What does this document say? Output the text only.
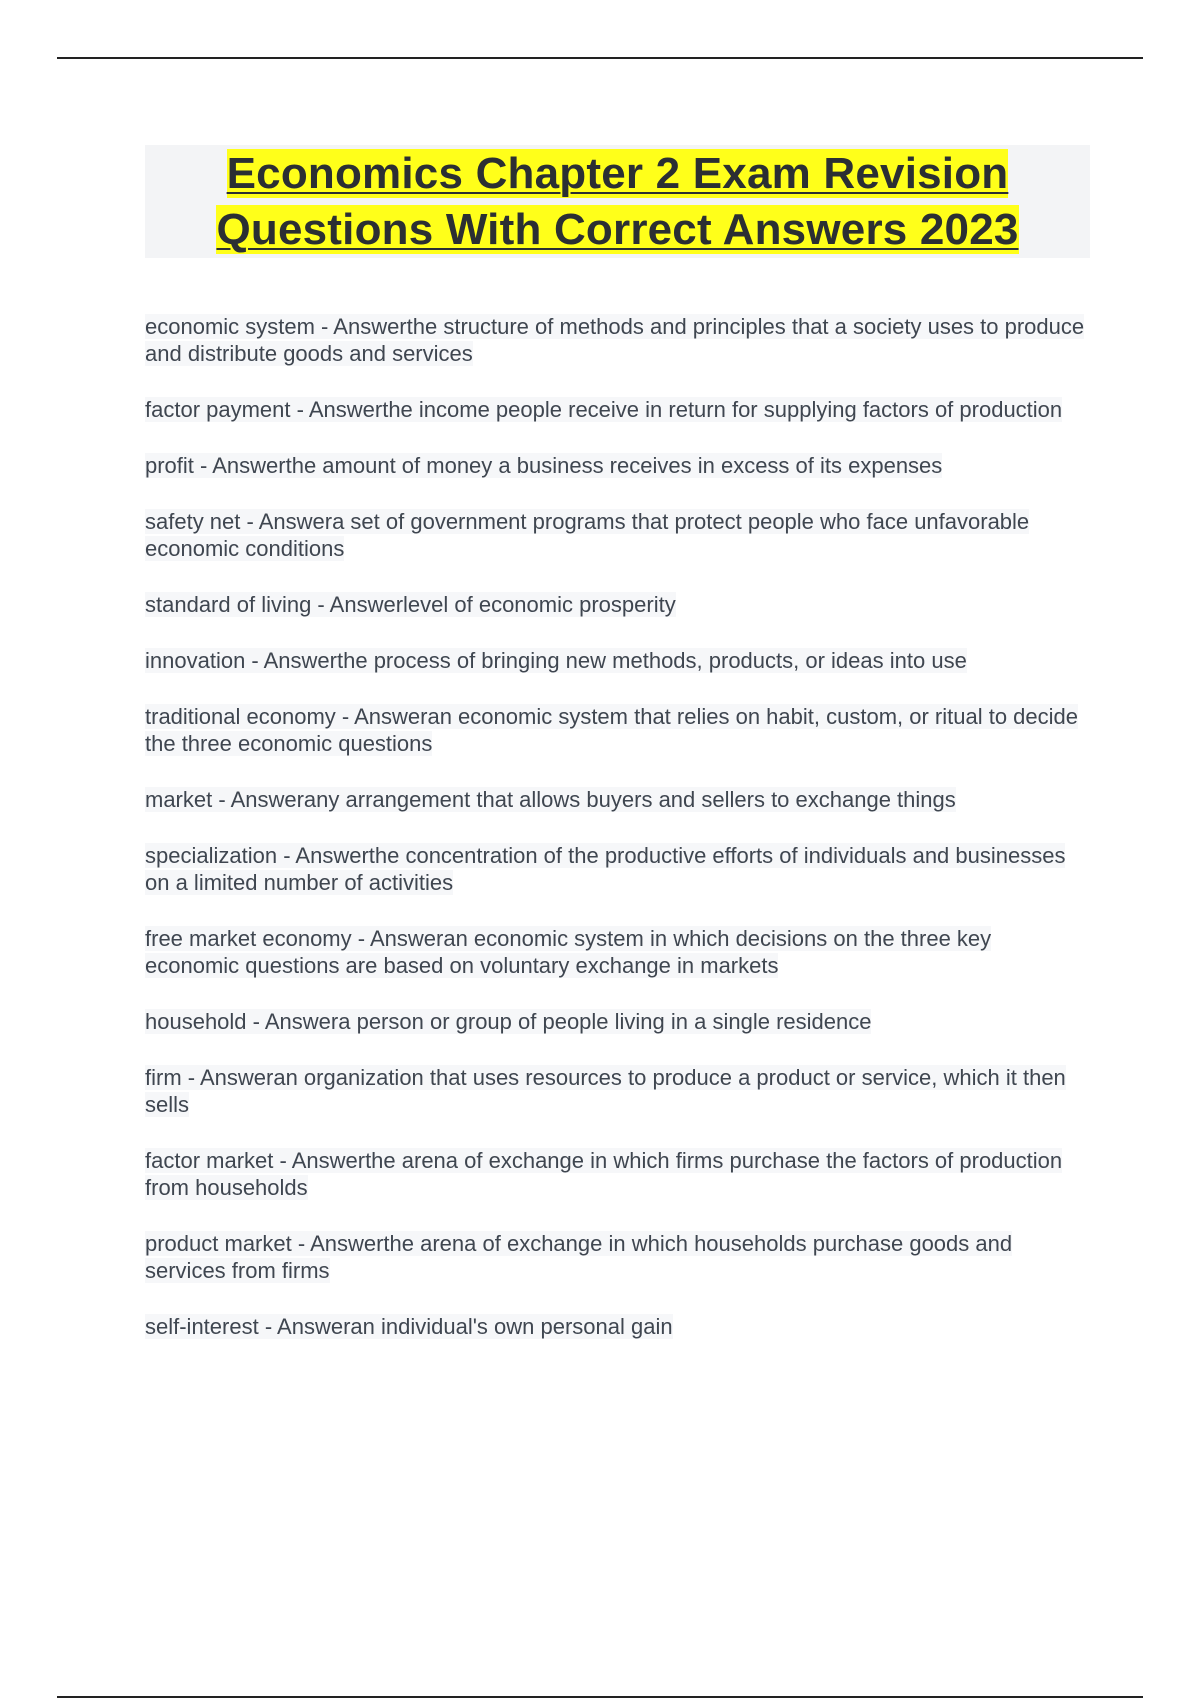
Economics Chapter 2 Exam Revision
Questions With Correct Answers 2023

economic system - Answerthe structure of methods and principles that a society uses to produce and distribute goods and services

factor payment - Answerthe income people receive in return for supplying factors of production

profit - Answerthe amount of money a business receives in excess of its expenses

safety net - Answera set of government programs that protect people who face unfavorable economic conditions

standard of living - Answerlevel of economic prosperity

innovation - Answerthe process of bringing new methods, products, or ideas into use

traditional economy - Answeran economic system that relies on habit, custom, or ritual to decide the three economic questions

market - Answerany arrangement that allows buyers and sellers to exchange things

specialization - Answerthe concentration of the productive efforts of individuals and businesses on a limited number of activities

free market economy - Answeran economic system in which decisions on the three key economic questions are based on voluntary exchange in markets

household - Answera person or group of people living in a single residence

firm - Answeran organization that uses resources to produce a product or service, which it then sells

factor market - Answerthe arena of exchange in which firms purchase the factors of production from households

product market - Answerthe arena of exchange in which households purchase goods and services from firms

self-interest - Answeran individual's own personal gain
